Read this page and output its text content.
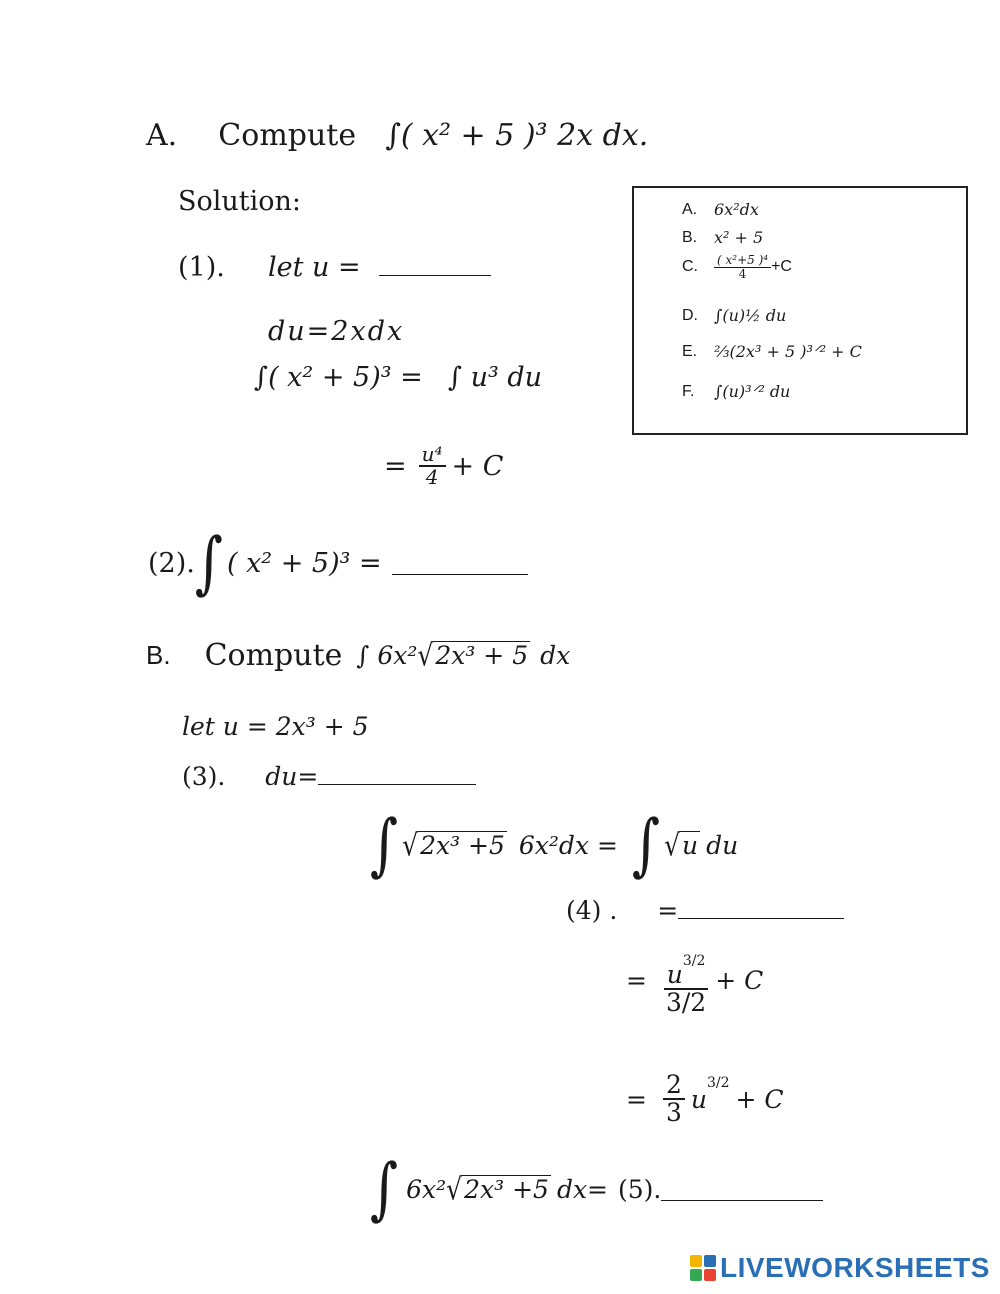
A. Compute ∫( x² + 5 )³ 2x dx.
Solution:
(1). let u =
du=2xdx
∫( x² + 5)³ = ∫ u³ du
= $\frac{\text{u⁴}}{4} + C$
(2). ∫ ( x² + 5)³ =
A.	6x²dx
B.	x² + 5
C.	$\frac{\text{( x²+5 )⁴}}{4} +C$
D.	∫(u)½ du
E.	⅔(2x³ + 5 )³ᐟ² + C
F.	∫(u)³ᐟ² du
B. Compute ∫ 6x² √ 2x³ + 5 dx
let u = 2x³ + 5
(3). du=
∫ √ 2x³ +5 6x²dx = ∫ √ u du
(4) . =
= $\frac{u^{3/2}}{3/2} + C$
= $\frac{2}{3}$ u
3/2
+ C
∫ 6x² √ 2x³ +5 dx= (5).
LIVEWORKSHEETS
